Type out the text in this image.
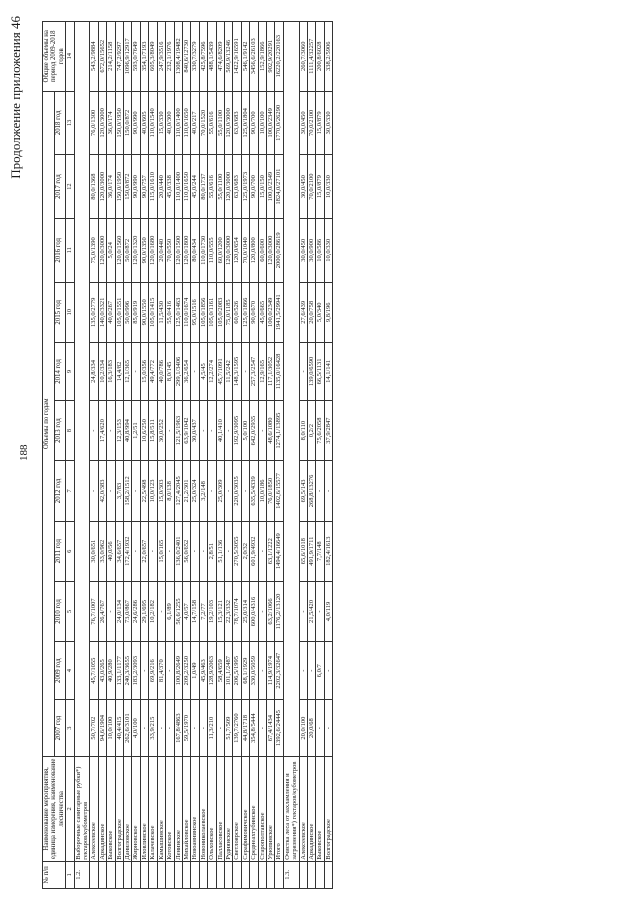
188
Продолжение приложения 46
№ п/п	Наименование мероприятия, единица измерения, наименование лесничества	Объемы по годам											Общие объемы на период 2009-2018 годов
		2007 год	2009 год	2010 год	2011 год	2012 год	2013 год	2014 год	2015 год	2016 год	2017 год	2018 год	
1	2	3	4	5	6	7	8	9	10	11	12	13	14
1.2.	Выборочные санитарные рубки*) гектаров/кубометров												
	Алексеевское	50,7/702	45,7/1055	76,7/1007	30,0/651	-	-	24,8/334	135,0/2779	75,0/1390	80,0/1368	76,0/1300	543,2/9884
	Аркадинское	94,6/1904	43,0/265	26,4/767	33,0/962	42,0/383	17,4/620	10,2/334	140,0/3321	120,0/3000	120,0/3000	120,0/3000	672,0/15652
	Быковское	10,0/100	40,9/280	-	40,0/56	-	-	16,3/183	40,0/267	5,0/24	36,0/174	36,0/174	214,2/1158
	Волгоградское	40,4/415	133,1/1177	24,0/134	34,6/657	3,7/83	12,3/153	14,4/82	105,0/1551	120,0/1560	150,0/1950	150,0/1950	747,2/9297
	Даниловское	262,6/3101	240,3/3655	73,0/867	172,4/1932	158,2/1512	40,8/994	12,1/365	50,0/996	50,0/872	150,0/872	150,0/872	1096,9/12917
	Жирновское	4,0/100	183,2/3093	24,6/286	-	-	1,2/51	-	85,0/919	120,0/1320	90,0/990	90,0/990	593,0/7649
	Иловлинское	-	-	29,1/695	22,0/657	22,5/498	10,6/250	15,0/356	90,0/1550	90,0/1350	90,0/757	40,0/605	354,1/7193
	Калачевское	33,9/215	69,9/216	10,2/182	-	10,0/123	15,8/511	49,4/772	105,0/1415	120,0/1680	115,0/1610	110,0/1540	605,3/8049
	Камышинское	-	81,4/370	-	15,0/165	15,0/303	30,0/252	40,0/786	11,5/430	20,0/440	20,0/440	15,0/330	247,9/3516
	Котовское	-	-	6,1/89	-	8,0/138	-	8,0/145	55,0/416	70,0/550	45,0/338	40,0/300	232,1/1976
	Ленинское	167,8/4863	100,8/2649	56,6/1255	136,0/2401	127,4/2045	121,5/1963	299,1/3406	125,0/1463	120,0/1500	110,0/1400	110,0/1400	1308,4/19482
	Михайловское	59,5/1970	209,2/3250	4,0/57	56,0/652	21,2/301	63,9/1042	36,2/654	110,0/1674	120,0/1800	110,0/1650	110,0/1650	840,6/12730
	Новоаннинское	-	1,0/49	14,7/158	-	25,0/324	30,0/437	-	95,0/1516	80,0/434	45,0/244	40,0/217	330,7/3279
	Новониколаевское	-	45,9/463	7,2/77	-	3,2/148	-	4,5/45	105,0/1856	110,0/1730	80,0/1737	70,0/1520	425,8/7596
	Ольховское	11,3/210	128,9/2063	19,2/103	2,8/51	-	-	12,2/274	105,0/1161	110,0/555	55,0/616	55,0/616	488,1/5439
	Палласовское	-	58,4/659	15,3/121	51,1/136	25,0/309	40,1/410	45,7/1091	105,0/2083	60,0/1200	55,0/1100	55,0/1100	474,6/8209
	Руднянское	51,7/509	101,1/2487	22,3/332	-	-	-	11,5/242	75,0/1185	120,0/3000	120,0/3000	120,0/3000	569,9/13246
	Светлоярское	139,7/2760	206,5/1995	78,7/1074	270,5/3055	220,0/3035	192,9/3095	148,3/1595	60,0/526	120,0/654	63,0/683	63,0/683	1422,9/16591
	Серафимовичское	44,8/1718	68,1/1929	25,0/314	2,0/32	-	5,0/100	-	125,0/1866	70,0/1040	125,0/1973	125,0/1804	546,1/9142
	Среднеахтубинское	354,8/5444	330,0/5059	600,0/4316	601,9/4932	635,5/4339	642,0/2935	257,3/2547	90,0/670	120,0/800	90,0/700	90,0/700	3456,6/26103
	Старополтавское	-	-	-	-	10,0/186	-	12,9/165	45,0/665	60,0/600	15,0/150	10,0/100	152,9/1866
	Урюпинское	67,4/1434	114,9/1974	63,2/1066	63,1/1222	76,0/1850	48,6/1080	117,1/3052	100,0/2349	120,0/3000	100,0/2349	100,0/2349	902,9/20291
	Итого	1392,6/24445	2202,3/32647	1176,2/13120	1494,4/16649	1402,6/15577	1274,1/13895	1135,0/16428	1941,5/29941	2000,0/28619	1824,0/27101	1770,0/26290	16220,2/220163
1.3.	Очистка леса от захламления и загрязнения*) гектаров/кубометров												
	Алексеевское	20,0/100	-	-	65,6/1018	69,5/143	8,0/110	-	27,6/439	30,0/450	30,0/450	30,0/450	260,7/3060
	Аркадинское	20,0/68	-	21,5/420	491,9/1711	268,8/13276	0,2/2	139,0/6590	20,0/758	30,0/900	70,0/2100	70,0/2100	1111,4/32257
	Быковское	-	6,0/7	-	7,7/148	-	75,6/2058	66,5/1131	5,0/340	10,0/586	15,0/879	15,0/879	200,8/6028
	Волгоградское	-	-	4,0/119	182,4/1613	-	37,9/2847	14,1/141	9,8/196	10,0/330	10,0/330	30,0/330	338,2/5906
